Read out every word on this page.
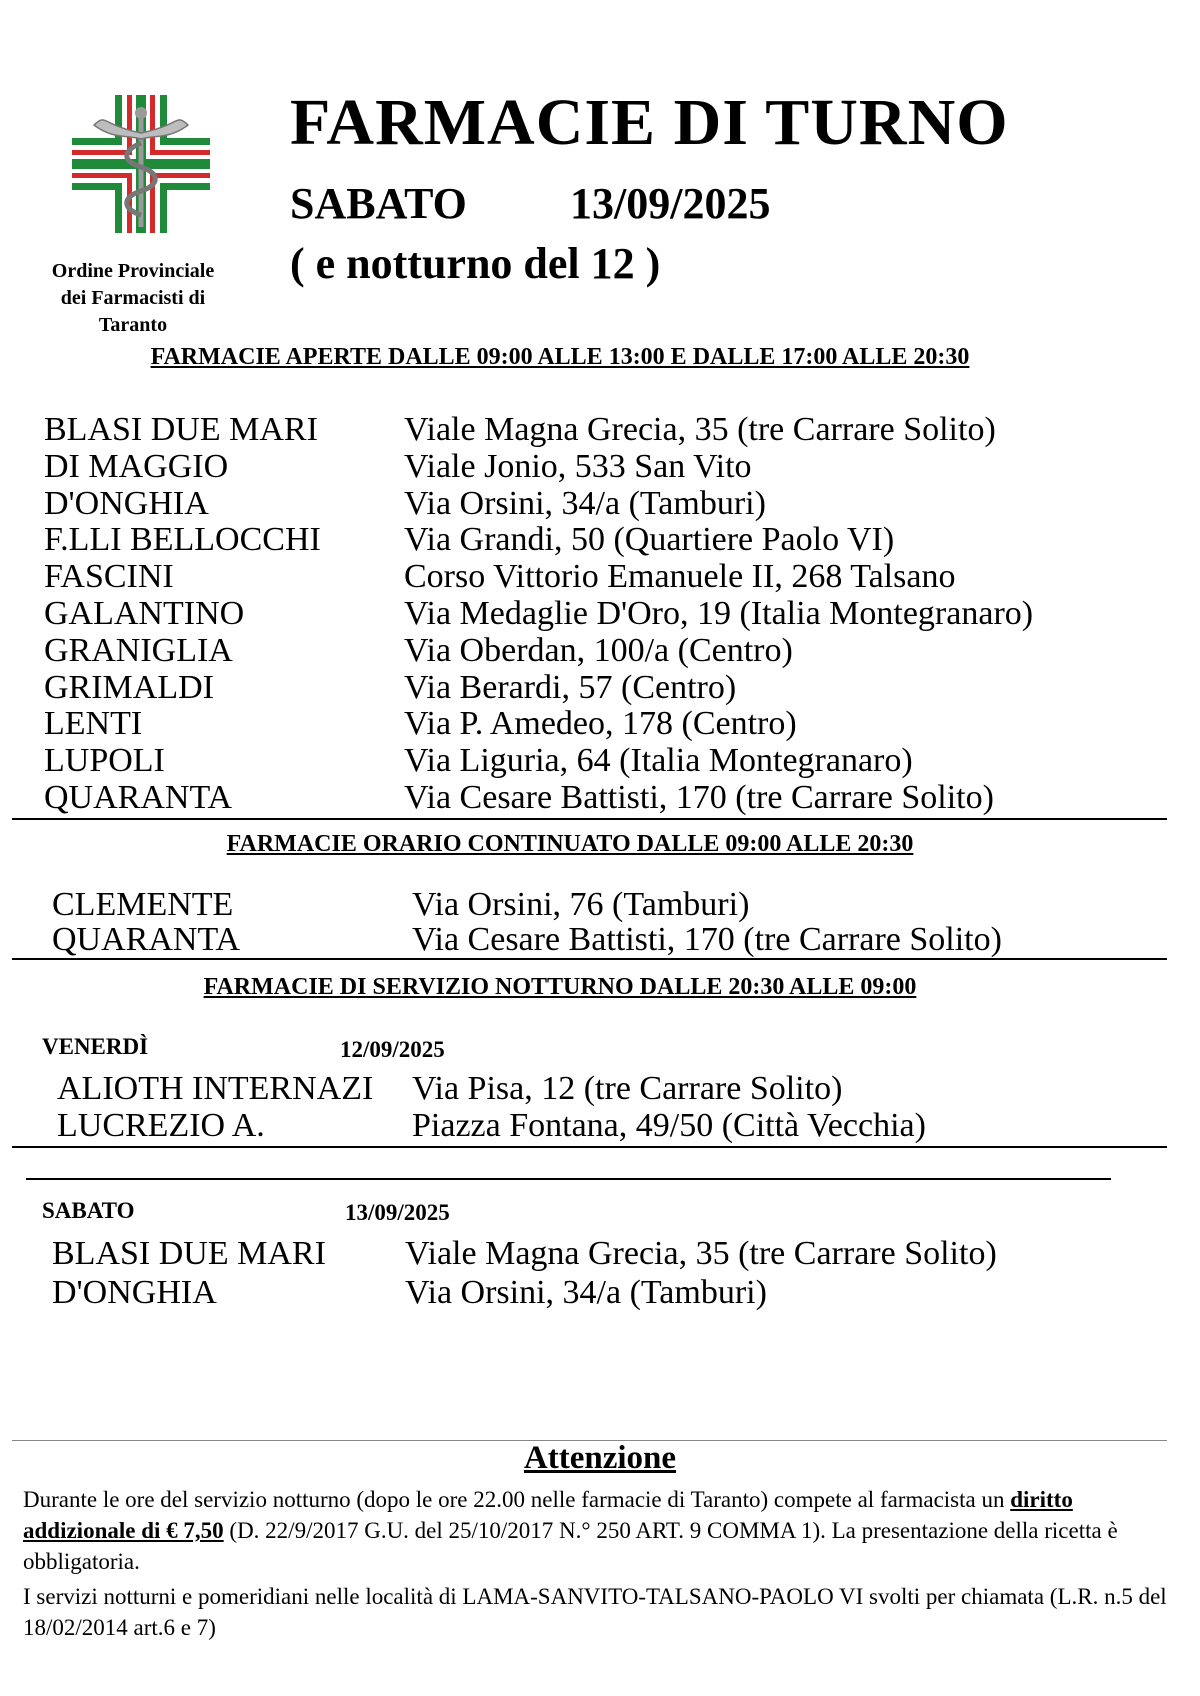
Ordine Provinciale
dei Farmacisti di
Taranto
FARMACIE DI TURNO
SABATO 13/09/2025
( e notturno del 12 )
FARMACIE APERTE DALLE 09:00 ALLE 13:00 E DALLE 17:00 ALLE 20:30
BLASI DUE MARI	Viale Magna Grecia, 35 (tre Carrare Solito)
DI MAGGIO	Viale Jonio, 533 San Vito
D'ONGHIA	Via Orsini, 34/a (Tamburi)
F.LLI BELLOCCHI	Via Grandi, 50 (Quartiere Paolo VI)
FASCINI	Corso Vittorio Emanuele II, 268 Talsano
GALANTINO	Via Medaglie D'Oro, 19 (Italia Montegranaro)
GRANIGLIA	Via Oberdan, 100/a (Centro)
GRIMALDI	Via Berardi, 57 (Centro)
LENTI	Via P. Amedeo, 178 (Centro)
LUPOLI	Via Liguria, 64 (Italia Montegranaro)
QUARANTA	Via Cesare Battisti, 170 (tre Carrare Solito)
FARMACIE ORARIO CONTINUATO DALLE 09:00 ALLE 20:30
CLEMENTE	Via Orsini, 76 (Tamburi)
QUARANTA	Via Cesare Battisti, 170 (tre Carrare Solito)
FARMACIE DI SERVIZIO NOTTURNO DALLE 20:30 ALLE 09:00
VENERDÌ	12/09/2025
ALIOTH INTERNAZI	Via Pisa, 12 (tre Carrare Solito)
LUCREZIO A.	Piazza Fontana, 49/50 (Città Vecchia)
SABATO	13/09/2025
BLASI DUE MARI	Viale Magna Grecia, 35 (tre Carrare Solito)
D'ONGHIA	Via Orsini, 34/a (Tamburi)
Attenzione
Durante le ore del servizio notturno (dopo le ore 22.00 nelle farmacie di Taranto) compete al farmacista un diritto addizionale di € 7,50 (D. 22/9/2017 G.U. del 25/10/2017 N.° 250 ART. 9 COMMA 1). La presentazione della ricetta è obbligatoria.
I servizi notturni e pomeridiani nelle località di LAMA-SANVITO-TALSANO-PAOLO VI svolti per chiamata (L.R. n.5 del 18/02/2014 art.6 e 7)
